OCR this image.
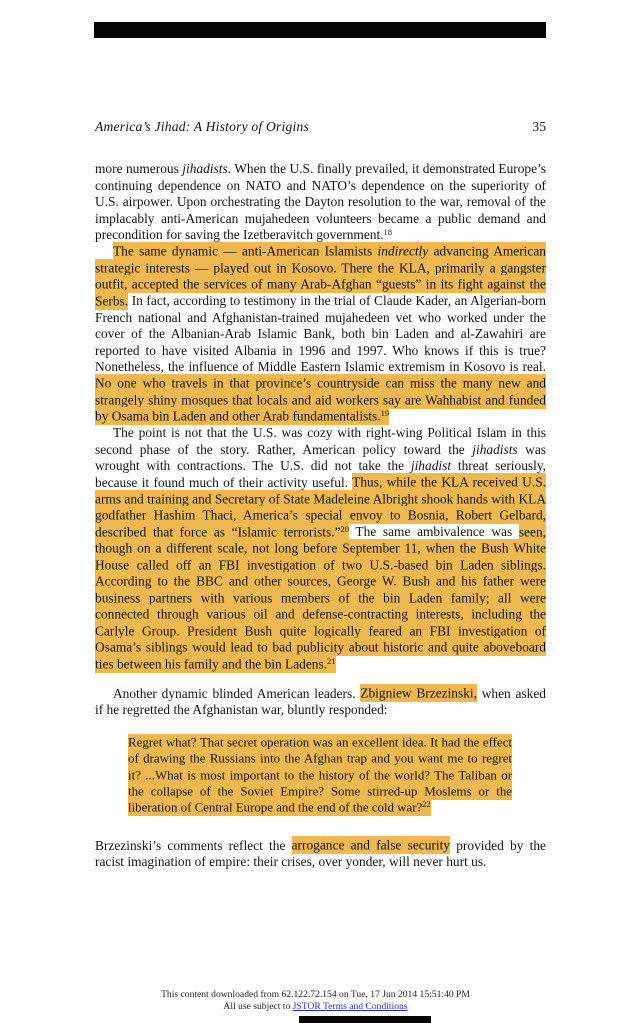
America’s Jihad: A History of Origins	35

more numerous jihadists. When the U.S. finally prevailed, it demonstrated Europe’s continuing dependence on NATO and NATO’s dependence on the superiority of U.S. airpower. Upon orchestrating the Dayton resolution to the war, removal of the implacably anti-American mujahedeen volunteers became a public demand and precondition for saving the Izetberavitch government.$^{18}$

The same dynamic — anti-American Islamists indirectly advancing American strategic interests — played out in Kosovo. There the KLA, primarily a gangster outfit, accepted the services of many Arab-Afghan “guests” in its fight against the Serbs. In fact, according to testimony in the trial of Claude Kader, an Algerian-born French national and Afghanistan-trained mujahedeen vet who worked under the cover of the Albanian-Arab Islamic Bank, both bin Laden and al-Zawahiri are reported to have visited Albania in 1996 and 1997. Who knows if this is true? Nonetheless, the influence of Middle Eastern Islamic extremism in Kosovo is real. No one who travels in that province’s countryside can miss the many new and strangely shiny mosques that locals and aid workers say are Wahhabist and funded by Osama bin Laden and other Arab fundamentalists.$^{19}$

The point is not that the U.S. was cozy with right-wing Political Islam in this second phase of the story. Rather, American policy toward the jihadists was wrought with contractions. The U.S. did not take the jihadist threat seriously, because it found much of their activity useful. Thus, while the KLA received U.S. arms and training and Secretary of State Madeleine Albright shook hands with KLA godfather Hashim Thaci, America’s special envoy to Bosnia, Robert Gelbard, described that force as “Islamic terrorists.”$^{20}$ The same ambivalence was seen, though on a different scale, not long before September 11, when the Bush White House called off an FBI investigation of two U.S.-based bin Laden siblings. According to the BBC and other sources, George W. Bush and his father were business partners with various members of the bin Laden family; all were connected through various oil and defense-contracting interests, including the Carlyle Group. President Bush quite logically feared an FBI investigation of Osama’s siblings would lead to bad publicity about historic and quite aboveboard ties between his family and the bin Ladens.$^{21}$

Another dynamic blinded American leaders. Zbigniew Brzezinski, when asked if he regretted the Afghanistan war, bluntly responded:

Regret what? That secret operation was an excellent idea. It had the effect of drawing the Russians into the Afghan trap and you want me to regret it? ...What is most important to the history of the world? The Taliban or the collapse of the Soviet Empire? Some stirred-up Moslems or the liberation of Central Europe and the end of the cold war?$^{22}$

Brzezinski’s comments reflect the arrogance and false security provided by the racist imagination of empire: their crises, over yonder, will never hurt us.

This content downloaded from 62.122.72.154 on Tue, 17 Jun 2014 15:51:40 PM
All use subject to JSTOR Terms and Conditions
